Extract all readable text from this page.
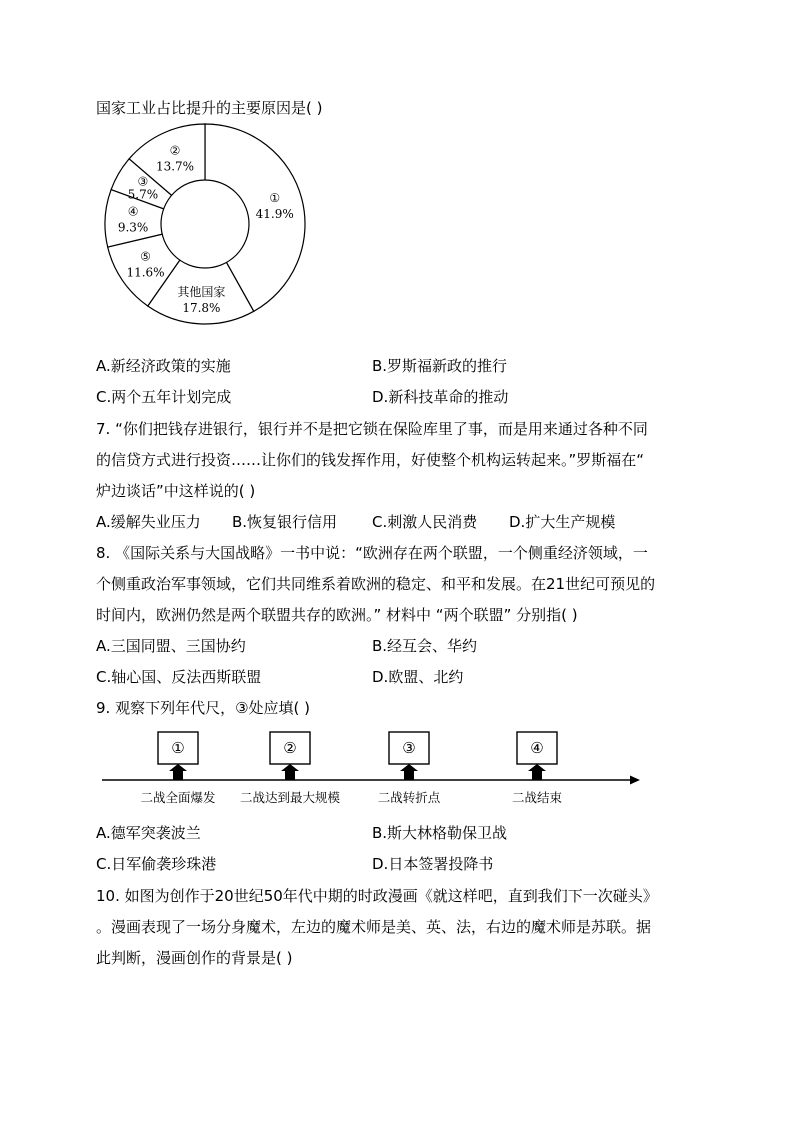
国家工业占比提升的主要原因是( )
①
41.9%
其他国家
17.8%
⑤
11.6%
④
9.3%
③
5.7%
②
13.7%
A.新经济政策的实施	B.罗斯福新政的推行
C.两个五年计划完成	D.新科技革命的推动
7. “你们把钱存进银行，银行并不是把它锁在保险库里了事，而是用来通过各种不同
的信贷方式进行投资……让你们的钱发挥作用，好使整个机构运转起来。”罗斯福在“
炉边谈话”中这样说的( )
A.缓解失业压力 B.恢复银行信用 C.刺激人民消费 D.扩大生产规模
8. 《国际关系与大国战略》一书中说：“欧洲存在两个联盟，一个侧重经济领域，一
个侧重政治军事领域，它们共同维系着欧洲的稳定、和平和发展。在21世纪可预见的
时间内，欧洲仍然是两个联盟共存的欧洲。” 材料中 “两个联盟” 分别指( )
A.三国同盟、三国协约	B.经互会、华约
C.轴心国、反法西斯联盟	D.欧盟、北约
9. 观察下列年代尺，③处应填( )
①
二战全面爆发
②
二战达到最大规模
③
二战转折点
④
二战结束
A.德军突袭波兰	B.斯大林格勒保卫战
C.日军偷袭珍珠港	D.日本签署投降书
10. 如图为创作于20世纪50年代中期的时政漫画《就这样吧，直到我们下一次碰头》
。漫画表现了一场分身魔术，左边的魔术师是美、英、法，右边的魔术师是苏联。据
此判断，漫画创作的背景是( )
